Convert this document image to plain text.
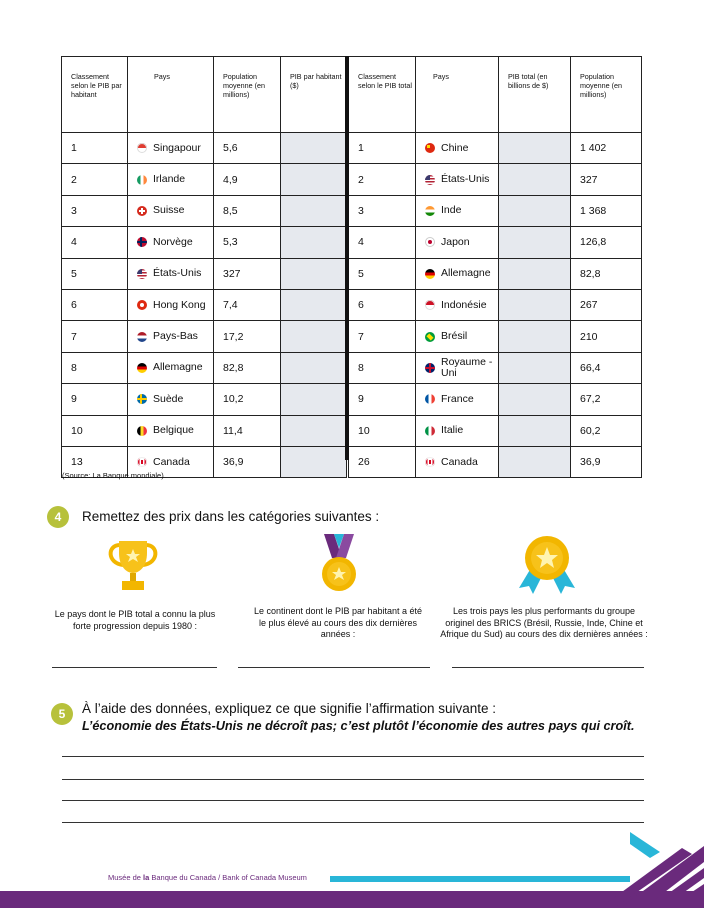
Classement selon le PIB par habitant	Pays	Population moyenne (en millions)	PIB par habitant ($)
1	Singapour	5,6	
2	Irlande	4,9	
3	Suisse	8,5	
4	Norvège	5,3	
5	États-Unis	327	
6	Hong Kong	7,4	
7	Pays-Bas	17,2	
8	Allemagne	82,8	
9	Suède	10,2	
10	Belgique	11,4	
13	Canada	36,9	
Classement selon le PIB total	Pays	PIB total (en billions de $)	Population moyenne (en millions)
1	Chine		1 402
2	États-Unis		327
3	Inde		1 368
4	Japon		126,8
5	Allemagne		82,8
6	Indonésie		267
7	Brésil		210
8	Royaume -Uni		66,4
9	France		67,2
10	Italie		60,2
26	Canada		36,9
(Source: La Banque mondiale)
4	Remettez des prix dans les catégories suivantes :
Le pays dont le PIB total a connu la plus forte progression depuis 1980 :
Le continent dont le PIB par habitant a été le plus élevé au cours des dix dernières années :
Les trois pays les plus performants du groupe originel des BRICS (Brésil, Russie, Inde, Chine et Afrique du Sud) au cours des dix dernières années :
5	À l’aide des données, expliquez ce que signifie l’affirmation suivante :
L’économie des États-Unis ne décroît pas; c’est plutôt l’économie des autres pays qui croît.
Musée de la Banque du Canada / Bank of Canada Museum
